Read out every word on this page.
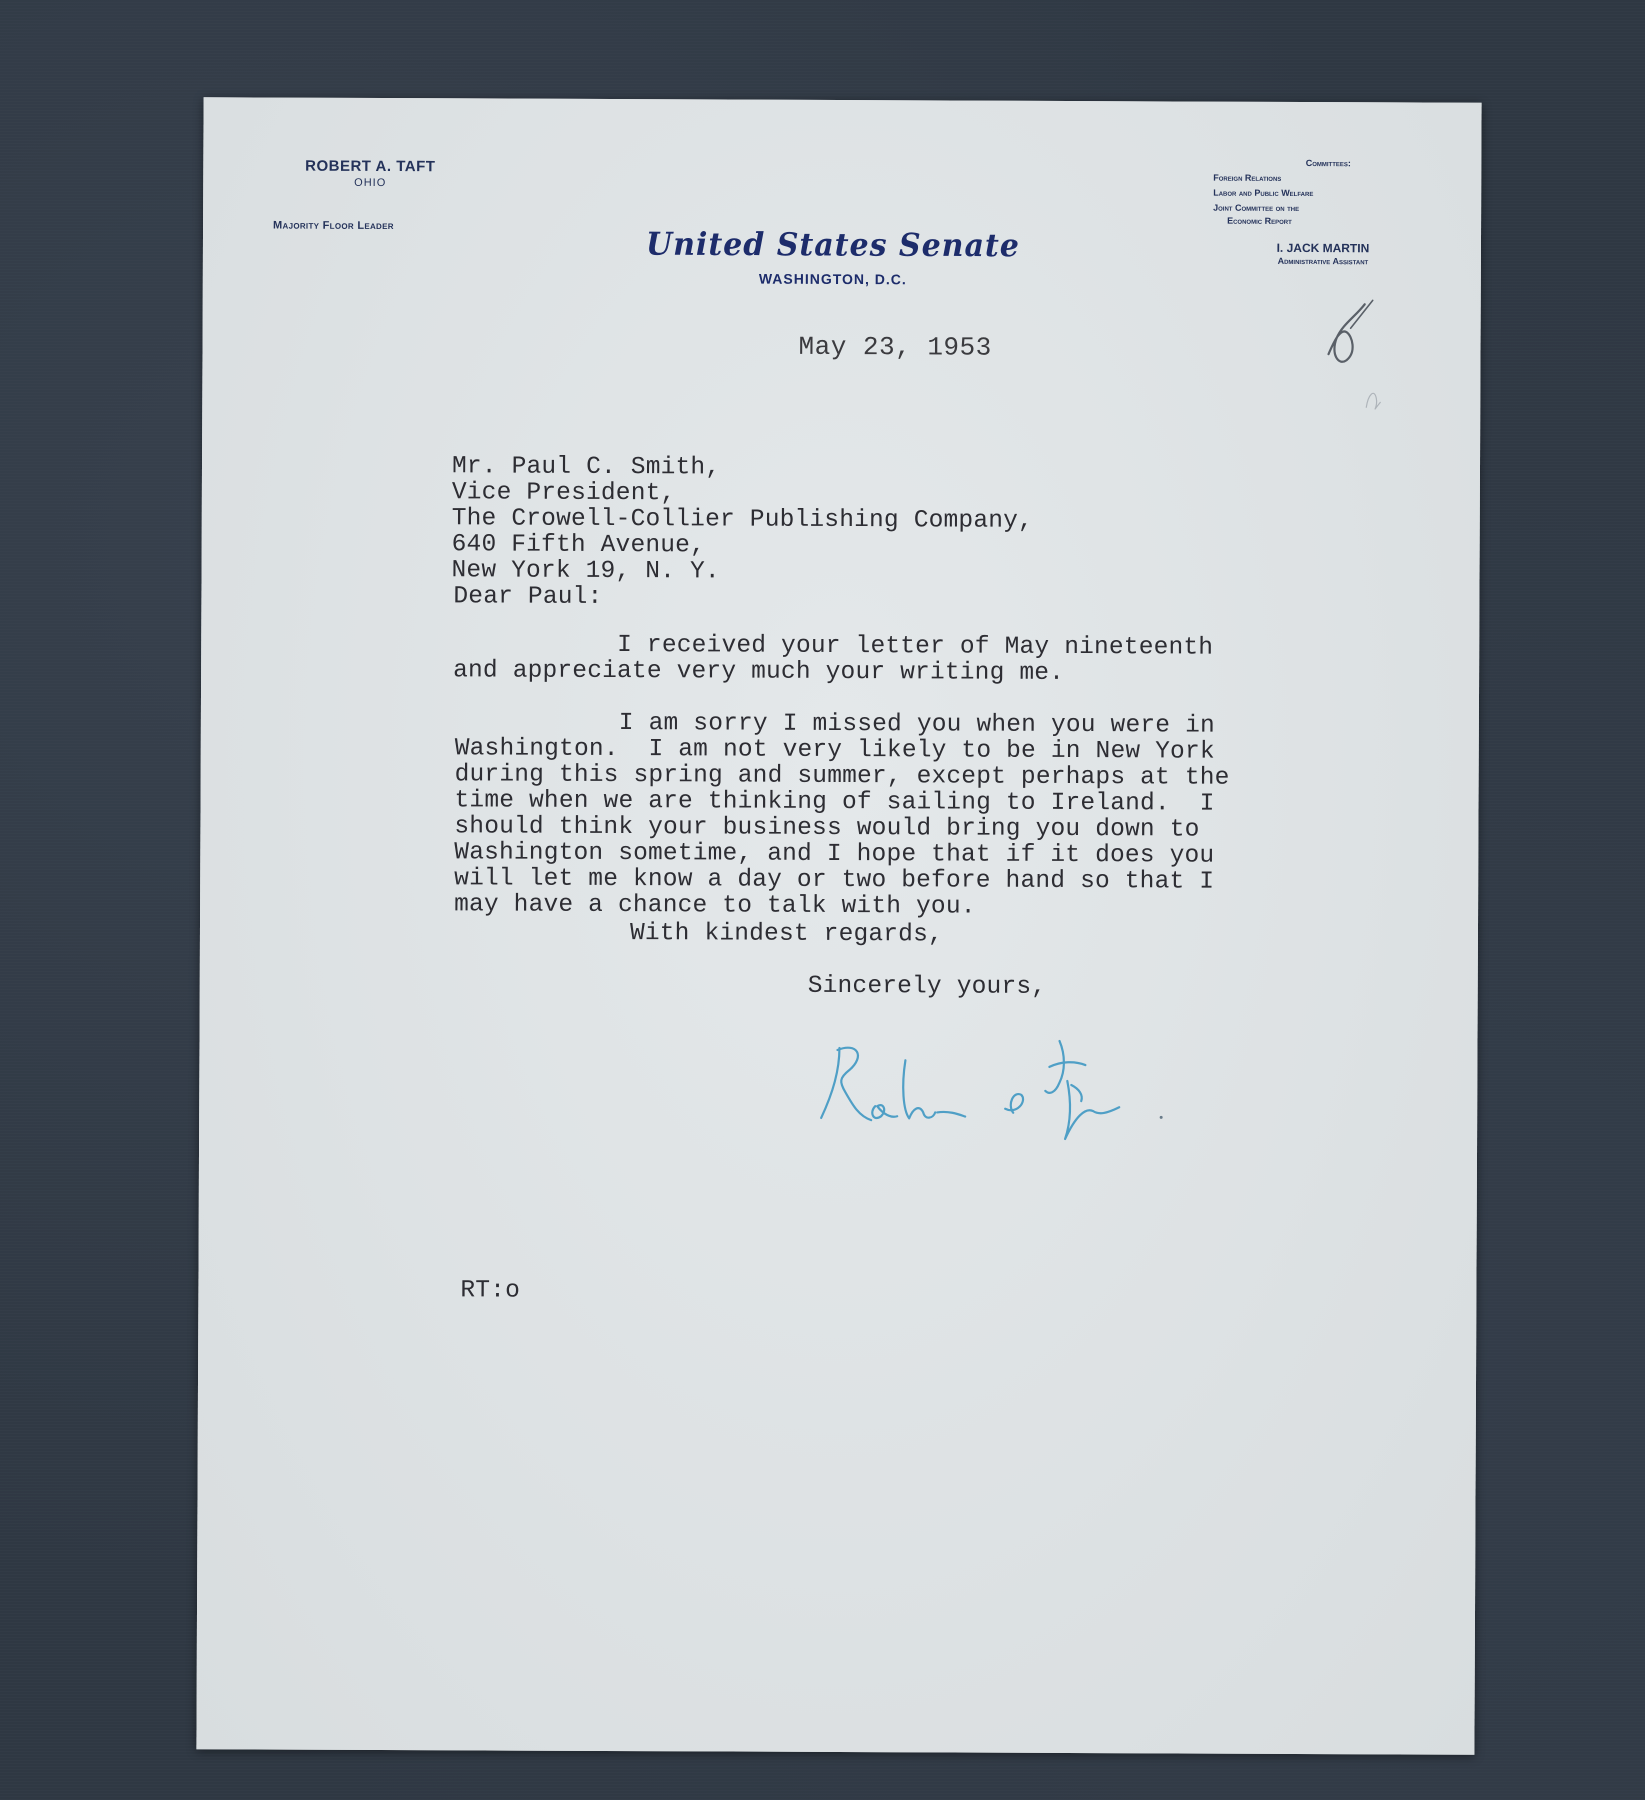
ROBERT A. TAFT
OHIO
Majority Floor Leader
United States Senate
WASHINGTON, D.C.
Committees:
Foreign Relations
Labor and Public Welfare
Joint Committee on the
Economic Report
I. JACK MARTIN
Administrative Assistant
May 23, 1953
Mr. Paul C. Smith,
Vice President,
The Crowell-Collier Publishing Company,
640 Fifth Avenue,
New York 19, N. Y.
Dear Paul:
I received your letter of May nineteenth
and appreciate very much your writing me.
I am sorry I missed you when you were in
Washington.  I am not very likely to be in New York
during this spring and summer, except perhaps at the
time when we are thinking of sailing to Ireland.  I
should think your business would bring you down to
Washington sometime, and I hope that if it does you
will let me know a day or two before hand so that I
may have a chance to talk with you.
With kindest regards,
Sincerely yours,
RT:o
